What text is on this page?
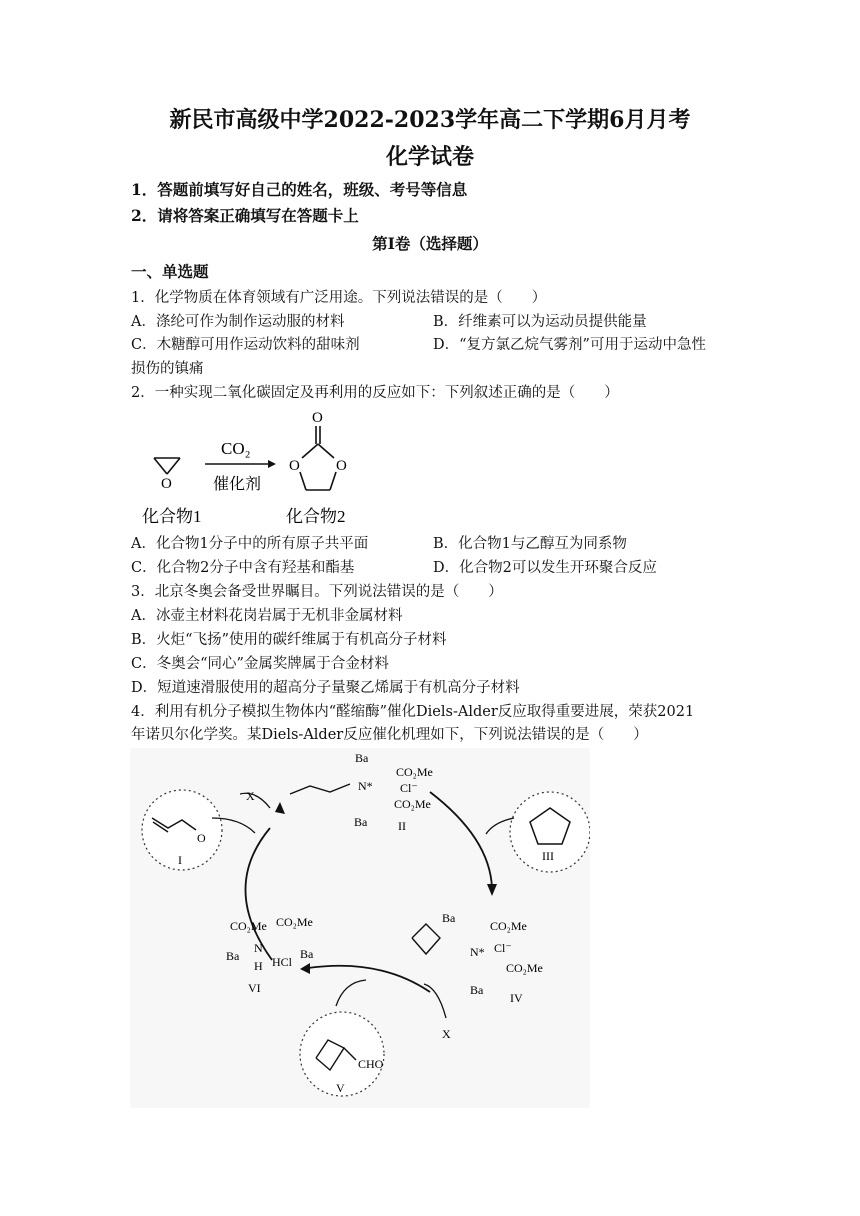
新民市高级中学2022-2023学年高二下学期6月月考
化学试卷
1．答题前填写好自己的姓名，班级、考号等信息
2．请将答案正确填写在答题卡上
第Ⅰ卷（选择题）
一、单选题
1．化学物质在体育领域有广泛用途。下列说法错误的是（　　）
A．涤纶可作为制作运动服的材料	B．纤维素可以为运动员提供能量
C．木糖醇可用作运动饮料的甜味剂	D．“复方氯乙烷气雾剂”可用于运动中急性
损伤的镇痛
2．一种实现二氧化碳固定及再利用的反应如下：下列叙述正确的是（　　）
O
CO₂
催化剂
O
O O
化合物1	化合物2
A．化合物1分子中的所有原子共平面	B．化合物1与乙醇互为同系物
C．化合物2分子中含有羟基和酯基	D．化合物2可以发生开环聚合反应
3．北京冬奥会备受世界瞩目。下列说法错误的是（　　）
A．冰壶主材料花岗岩属于无机非金属材料
B．火炬“飞扬”使用的碳纤维属于有机高分子材料
C．冬奥会“同心”金属奖牌属于合金材料
D．短道速滑服使用的超高分子量聚乙烯属于有机高分子材料
4．利用有机分子模拟生物体内“醛缩酶”催化Diels-Alder反应取得重要进展，荣获2021
年诺贝尔化学奖。某Diels-Alder反应催化机理如下，下列说法错误的是（　　）
O
I
X
N*
Ba
CO₂Me
Cl⁻
CO₂Me
Ba	II
III
Ba
CO₂Me
N* Cl⁻
CO₂Me
Ba
IV
CO₂Me CO₂Me
Ba
N
H HCl
Ba
VI
CHO
V
X
